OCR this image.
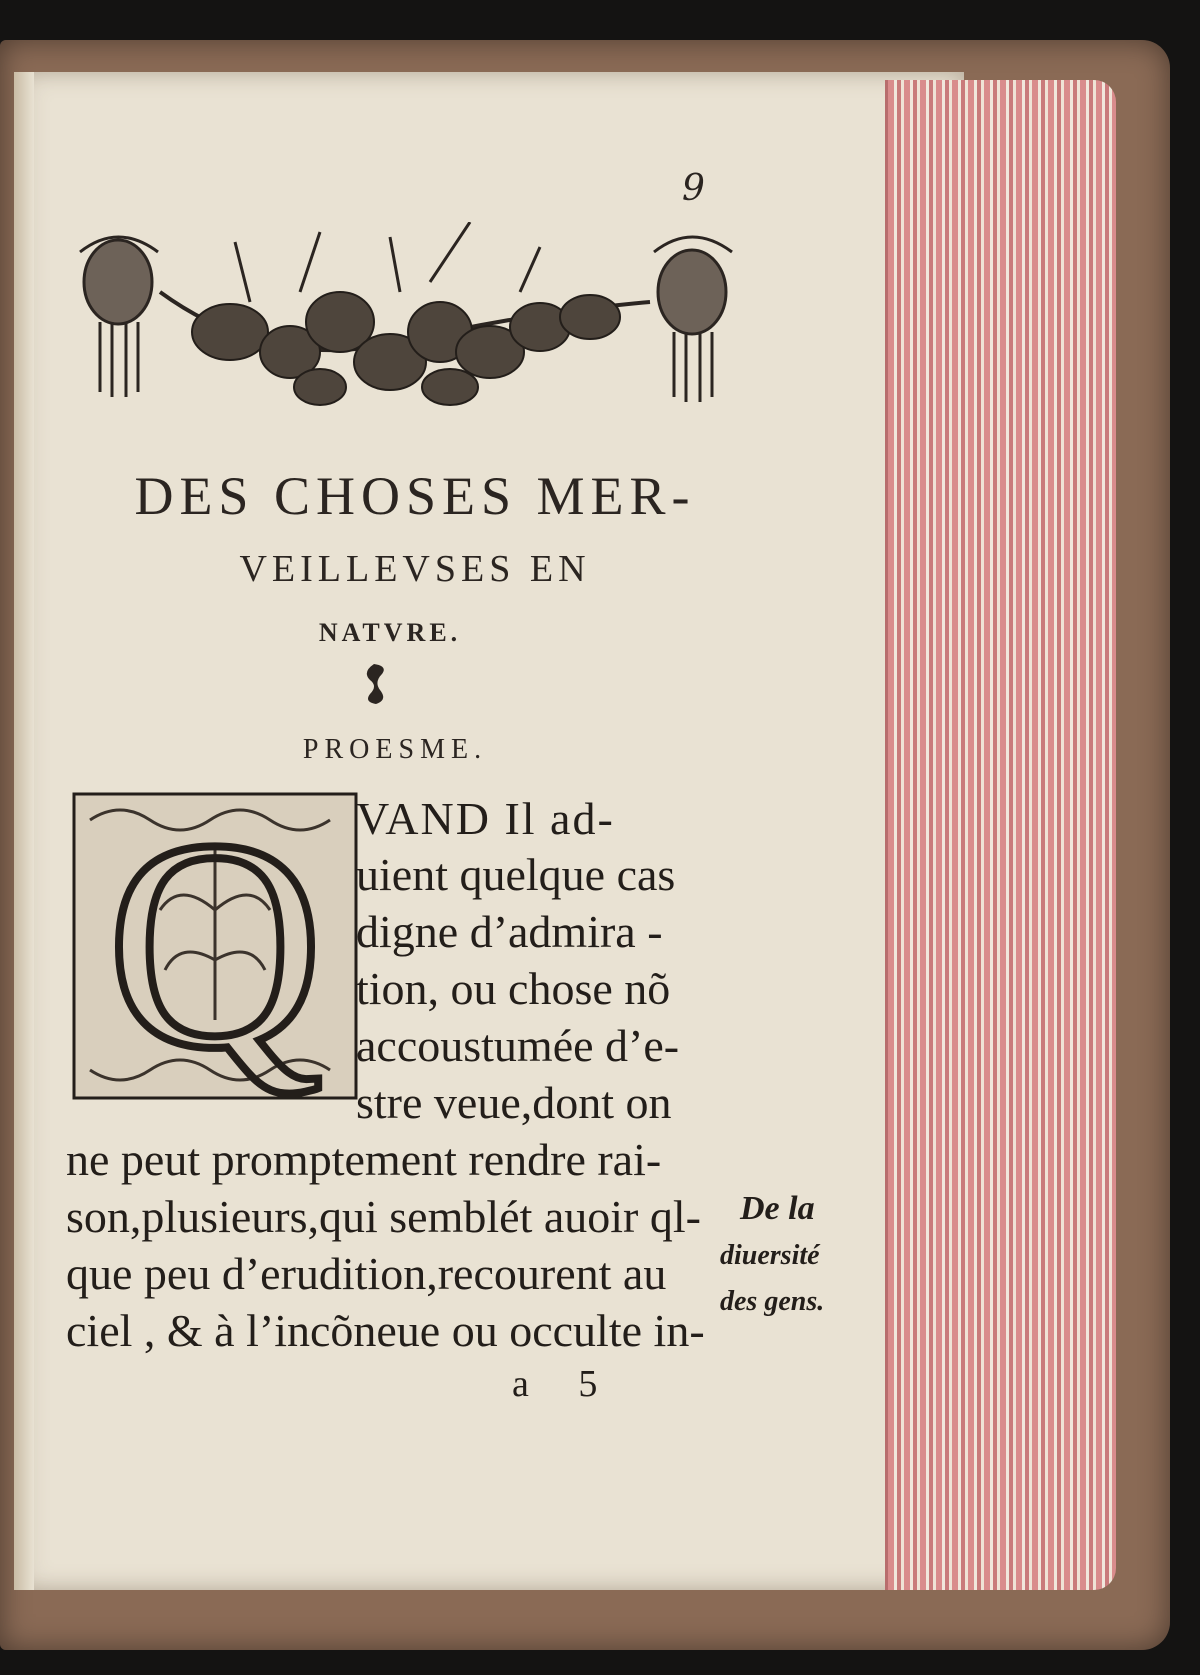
9
DES CHOSES MER-
VEILLEVSES EN
NATVRE.
PROESME.
Q VAND Il ad-
uient quelque cas
digne d’admira -
tion, ou chose nõ
accoustumée d’e-
stre veue,dont on
ne peut promptement rendre rai-
son,plusieurs,qui semblét auoir ql-
que peu d’erudition,recourent au
ciel , & à l’incõneue ou occulte in-
De la
diuersité
des gens.
a 5
